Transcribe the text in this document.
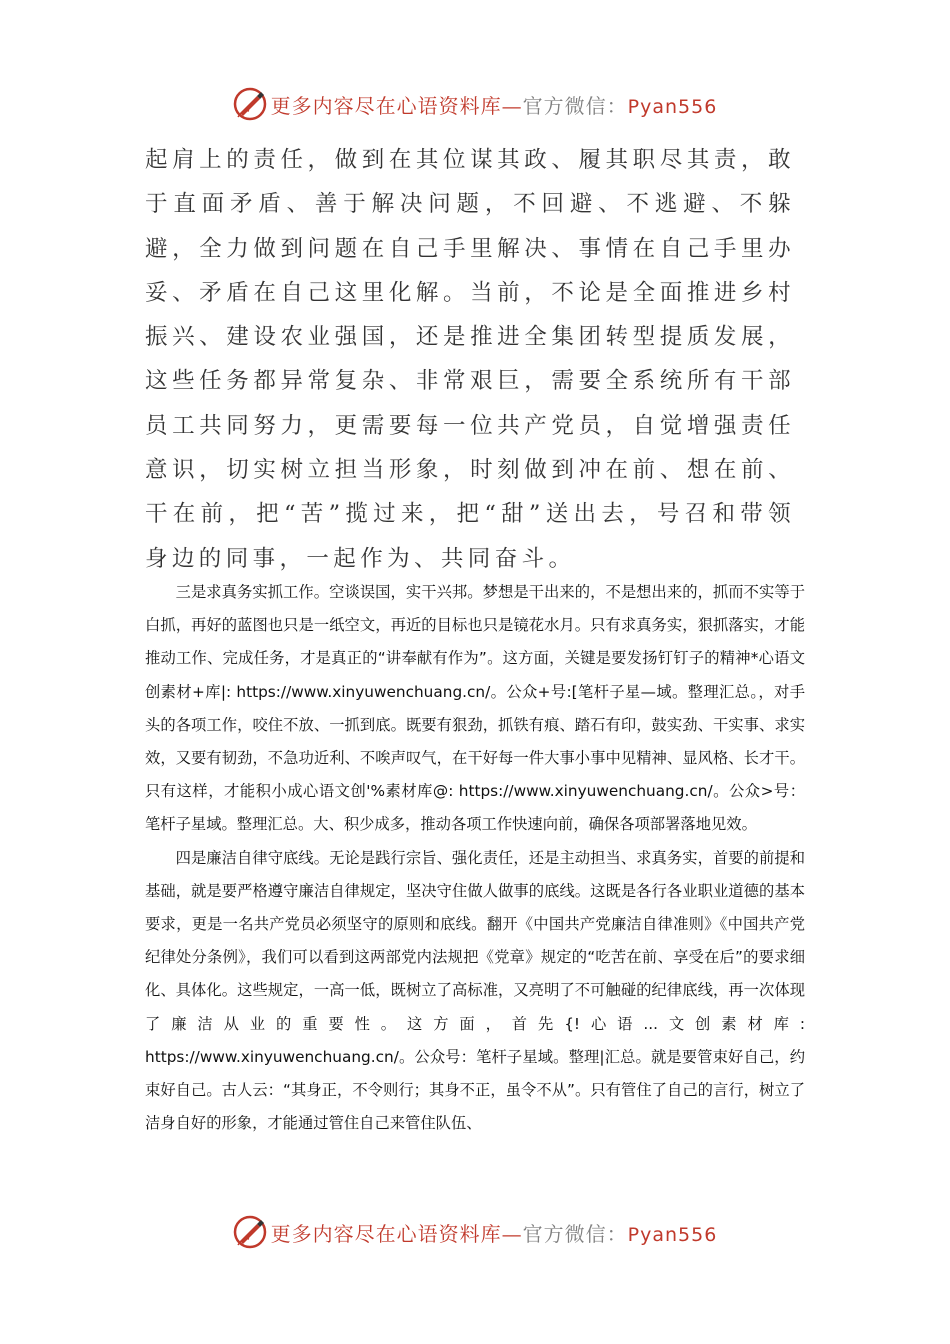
更多内容尽在心语资料库—官方微信：Pyan556

起肩上的责任，做到在其位谋其政、履其职尽其责，敢于直面矛盾、善于解决问题，不回避、不逃避、不躲避，全力做到问题在自己手里解决、事情在自己手里办妥、矛盾在自己这里化解。当前，不论是全面推进乡村振兴、建设农业强国，还是推进全集团转型提质发展，这些任务都异常复杂、非常艰巨，需要全系统所有干部员工共同努力，更需要每一位共产党员，自觉增强责任意识，切实树立担当形象，时刻做到冲在前、想在前、干在前，把“苦”揽过来，把“甜”送出去，号召和带领身边的同事，一起作为、共同奋斗。

三是求真务实抓工作。空谈误国，实干兴邦。梦想是干出来的，不是想出来的，抓而不实等于白抓，再好的蓝图也只是一纸空文，再近的目标也只是镜花水月。只有求真务实，狠抓落实，才能推动工作、完成任务，才是真正的“讲奉献有作为”。这方面，关键是要发扬钉钉子的精神*心语文创素材+库|: https://www.xinyuwenchuang.cn/。公众+号:[笔杆子星—域。整理汇总。，对手头的各项工作，咬住不放、一抓到底。既要有狠劲，抓铁有痕、踏石有印，鼓实劲、干实事、求实效，又要有韧劲，不急功近利、不唉声叹气，在干好每一件大事小事中见精神、显风格、长才干。只有这样，才能积小成心语文创'%素材库@: https://www.xinyuwenchuang.cn/。公众>号：笔杆子星域。整理汇总。大、积少成多，推动各项工作快速向前，确保各项部署落地见效。

四是廉洁自律守底线。无论是践行宗旨、强化责任，还是主动担当、求真务实，首要的前提和基础，就是要严格遵守廉洁自律规定，坚决守住做人做事的底线。这既是各行各业职业道德的基本要求，更是一名共产党员必须坚守的原则和底线。翻开《中国共产党廉洁自律准则》《中国共产党纪律处分条例》，我们可以看到这两部党内法规把《党章》规定的“吃苦在前、享受在后”的要求细化、具体化。这些规定，一高一低，既树立了高标准，又亮明了不可触碰的纪律底线，再一次体现了廉洁从业的重要性。这方面，首先{!心语...文创素材库: https://www.xinyuwenchuang.cn/。公众号：笔杆子星域。整理|汇总。就是要管束好自己，约束好自己。古人云：“其身正，不令则行；其身不正，虽令不从”。只有管住了自己的言行，树立了洁身自好的形象，才能通过管住自己来管住队伍、

更多内容尽在心语资料库—官方微信：Pyan556
